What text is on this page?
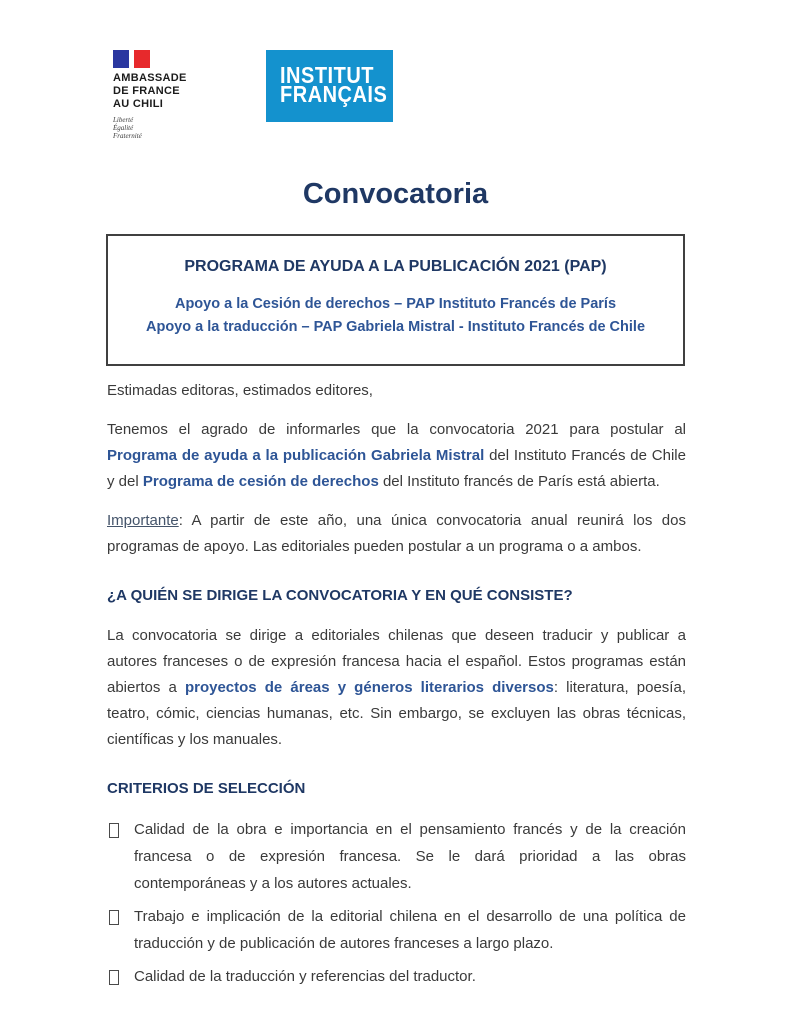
AMBASSADE
DE FRANCE
AU CHILI
Liberté
Égalité
Fraternité
INSTITUT
FRANÇAIS
Convocatoria

PROGRAMA DE AYUDA A LA PUBLICACIÓN 2021 (PAP)

Apoyo a la Cesión de derechos – PAP Instituto Francés de París

Apoyo a la traducción – PAP Gabriela Mistral - Instituto Francés de Chile

Estimadas editoras, estimados editores,

Tenemos el agrado de informarles que la convocatoria 2021 para postular al Programa de ayuda a la publicación Gabriela Mistral del Instituto Francés de Chile y del Programa de cesión de derechos del Instituto francés de París está abierta.

Importante: A partir de este año, una única convocatoria anual reunirá los dos programas de apoyo. Las editoriales pueden postular a un programa o a ambos.

¿A QUIÉN SE DIRIGE LA CONVOCATORIA Y EN QUÉ CONSISTE?

La convocatoria se dirige a editoriales chilenas que deseen traducir y publicar a autores franceses o de expresión francesa hacia el español. Estos programas están abiertos a proyectos de áreas y géneros literarios diversos: literatura, poesía, teatro, cómic, ciencias humanas, etc. Sin embargo, se excluyen las obras técnicas, científicas y los manuales.

CRITERIOS DE SELECCIÓN
Calidad de la obra e importancia en el pensamiento francés y de la creación francesa o de expresión francesa. Se le dará prioridad a las obras contemporáneas y a los autores actuales.
Trabajo e implicación de la editorial chilena en el desarrollo de una política de traducción y de publicación de autores franceses a largo plazo.
Calidad de la traducción y referencias del traductor.
